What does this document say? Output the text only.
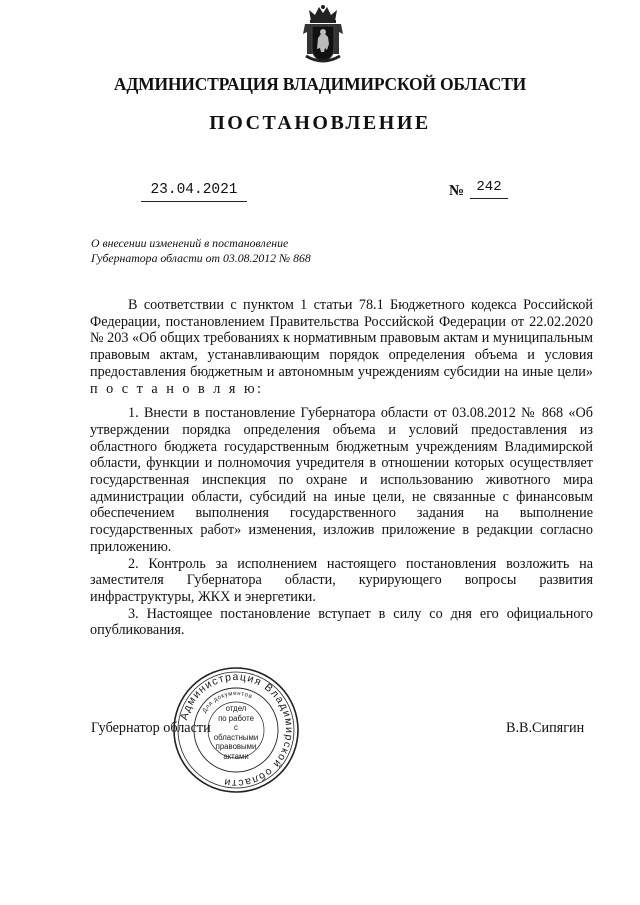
АДМИНИСТРАЦИЯ ВЛАДИМИРСКОЙ ОБЛАСТИ
ПОСТАНОВЛЕНИЕ
23.04.2021	№ 242
О внесении изменений в постановление
Губернатора области от 03.08.2012 № 868

В соответствии с пунктом 1 статьи 78.1 Бюджетного кодекса Российской Федерации, постановлением Правительства Российской Федерации от 22.02.2020 № 203 «Об общих требованиях к нормативным правовым актам и муниципальным правовым актам, устанавливающим порядок определения объема и условия предоставления бюджетным и автономным учреждениям субсидии на иные цели» п о с т а н о в л я ю:

1. Внести в постановление Губернатора области от 03.08.2012 № 868 «Об утверждении порядка определения объема и условий предоставления из областного бюджета государственным бюджетным учреждениям Владимирской области, функции и полномочия учредителя в отношении которых осуществляет государственная инспекция по охране и использованию животного мира администрации области, субсидий на иные цели, не связанные с финансовым обеспечением выполнения государственного задания на выполнение государственных работ» изменения, изложив приложение в редакции согласно приложению.

2. Контроль за исполнением настоящего постановления возложить на заместителя Губернатора области, курирующего вопросы развития инфраструктуры, ЖКХ и энергетики.

3. Настоящее постановление вступает в силу со дня его официального опубликования.

Губернатор области	В.В.Сипягин
Администрация Владимирской области
Для документов
отдел
по работе
с областными
правовыми
актами
